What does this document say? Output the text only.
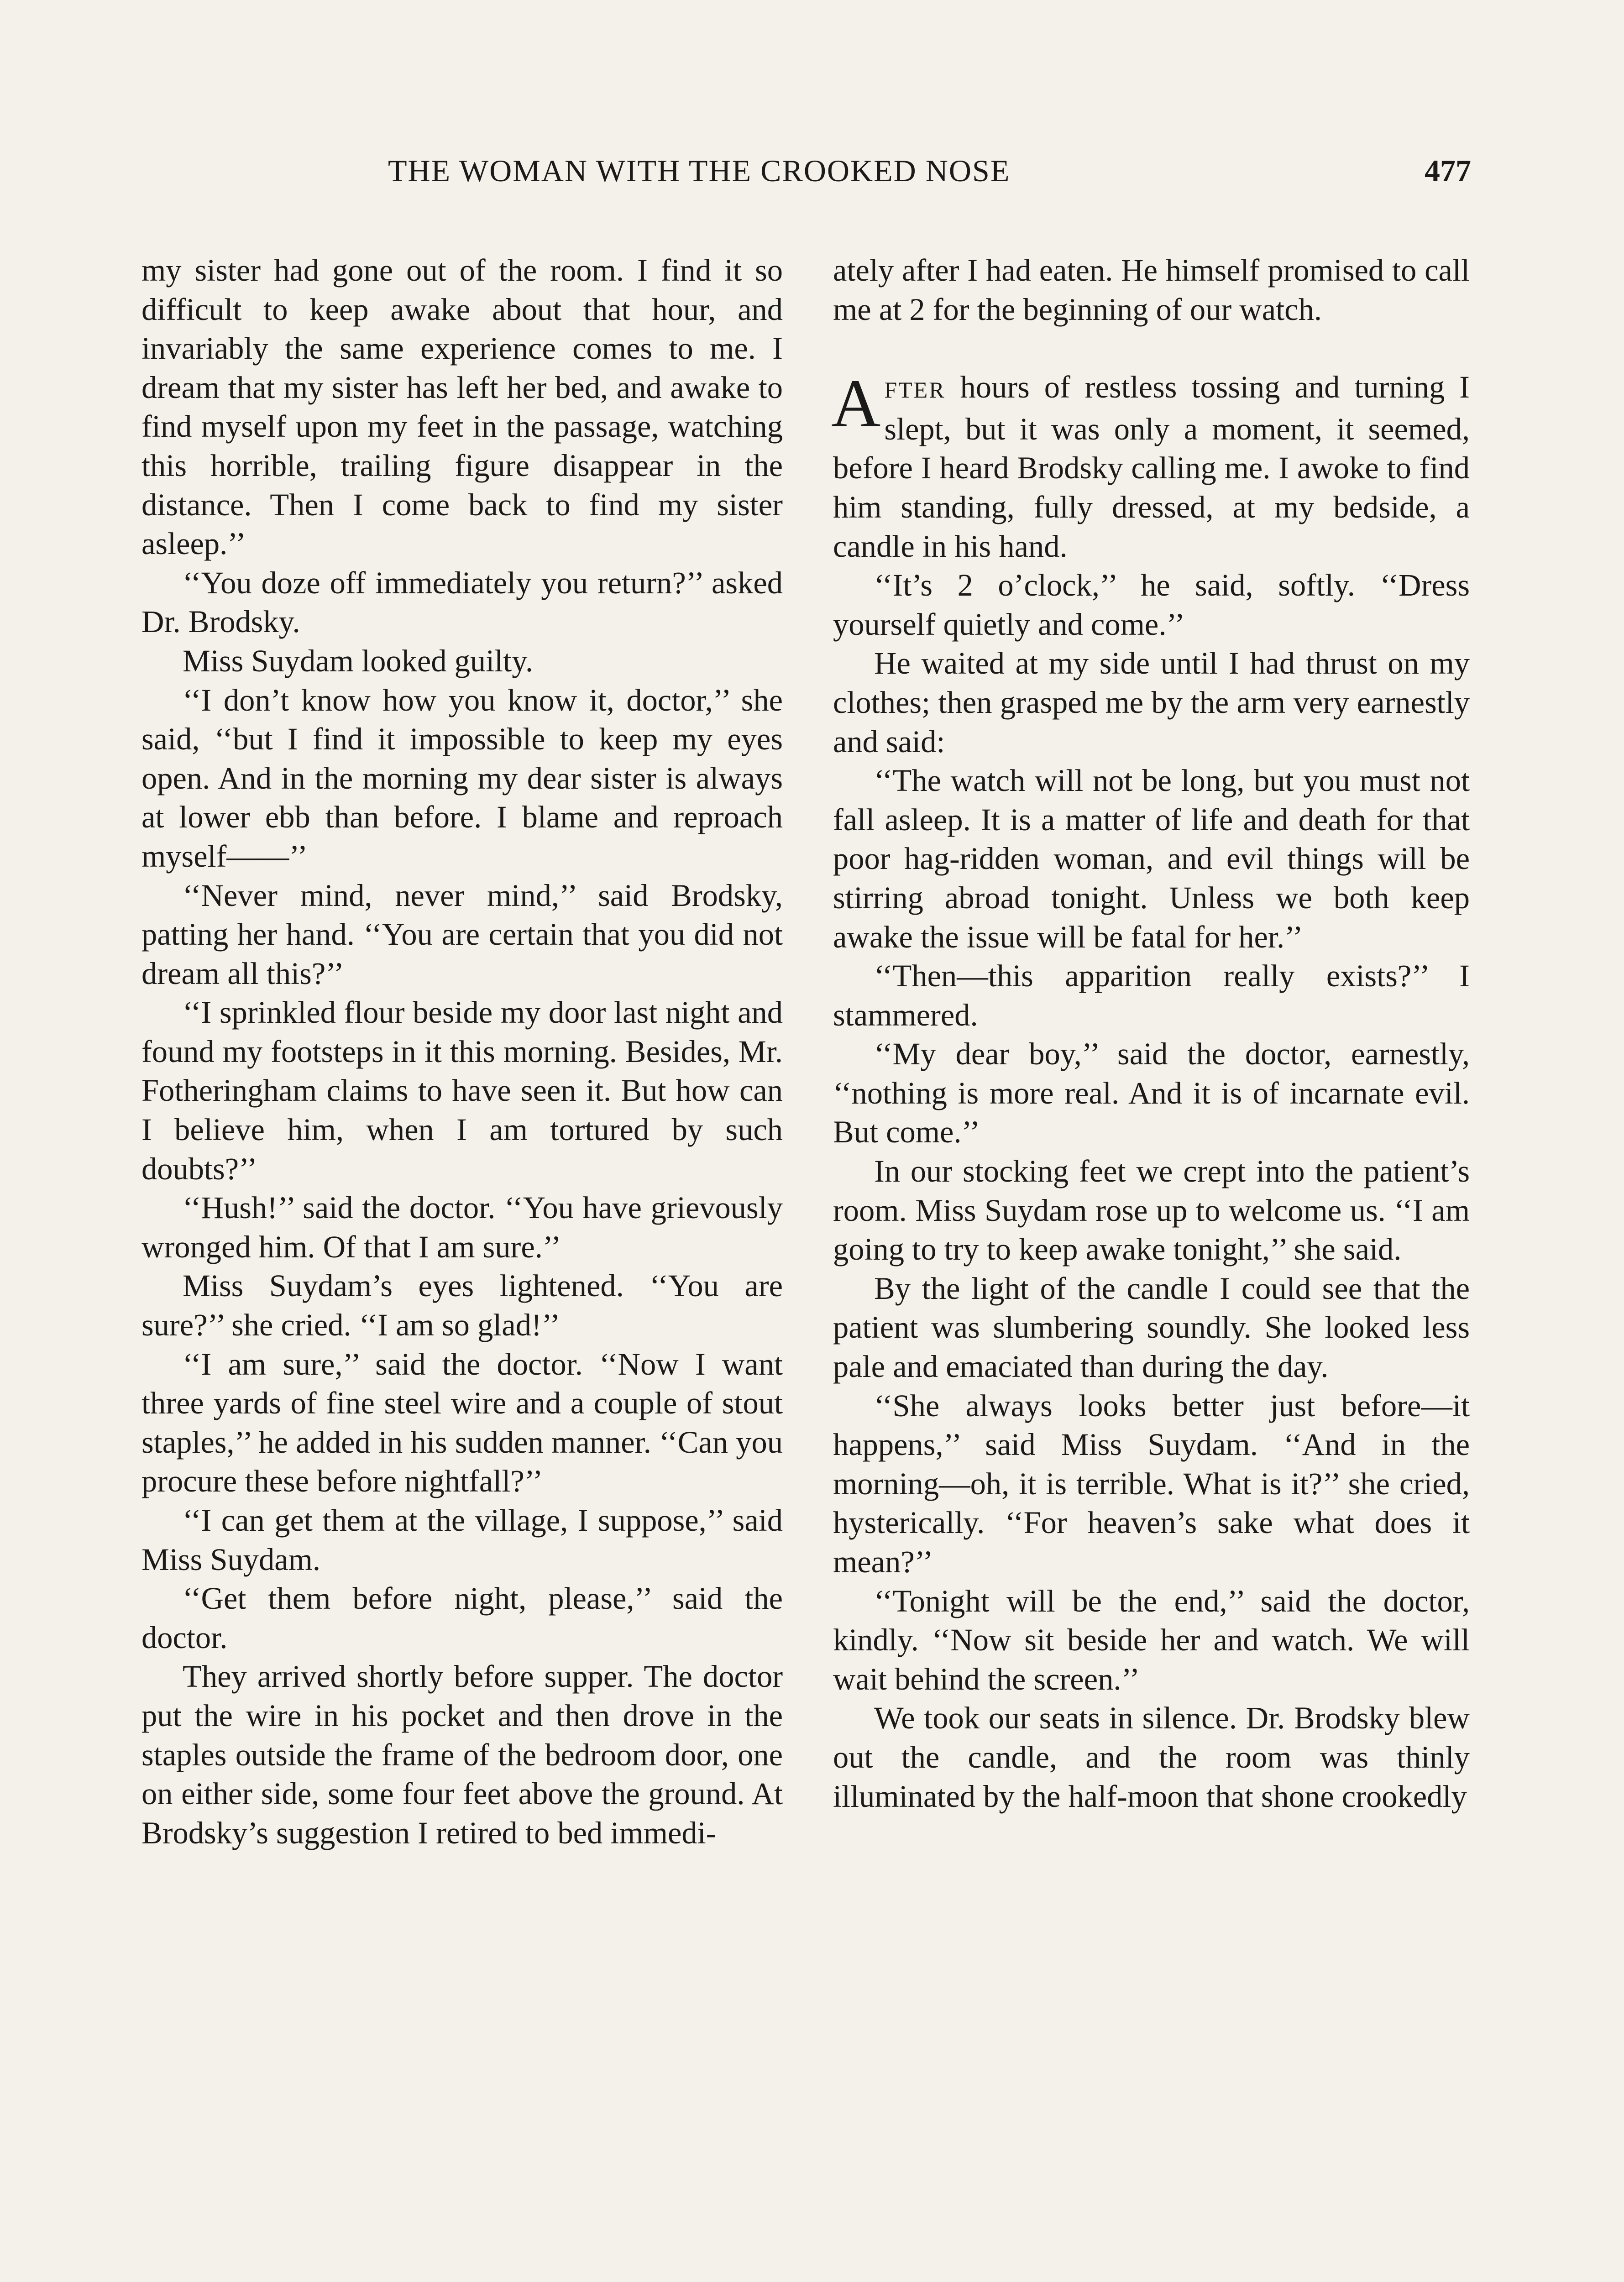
THE WOMAN WITH THE CROOKED NOSE	477

my sister had gone out of the room. I find it so difficult to keep awake about that hour, and invariably the same experience comes to me. I dream that my sister has left her bed, and awake to find myself upon my feet in the passage, watching this horrible, trailing figure disappear in the distance. Then I come back to find my sister asleep.’’

‘‘You doze off immediately you return?’’ asked Dr. Brodsky.

Miss Suydam looked guilty.

‘‘I don’t know how you know it, doctor,’’ she said, ‘‘but I find it impossible to keep my eyes open. And in the morning my dear sister is always at lower ebb than before. I blame and reproach myself——’’

‘‘Never mind, never mind,’’ said Brodsky, patting her hand. ‘‘You are certain that you did not dream all this?’’

‘‘I sprinkled flour beside my door last night and found my footsteps in it this morning. Besides, Mr. Fotheringham claims to have seen it. But how can I believe him, when I am tortured by such doubts?’’

‘‘Hush!’’ said the doctor. ‘‘You have grievously wronged him. Of that I am sure.’’

Miss Suydam’s eyes lightened. ‘‘You are sure?’’ she cried. ‘‘I am so glad!’’

‘‘I am sure,’’ said the doctor. ‘‘Now I want three yards of fine steel wire and a couple of stout staples,’’ he added in his sudden manner. ‘‘Can you procure these before nightfall?’’

‘‘I can get them at the village, I suppose,’’ said Miss Suydam.

‘‘Get them before night, please,’’ said the doctor.

They arrived shortly before supper. The doctor put the wire in his pocket and then drove in the staples outside the frame of the bedroom door, one on either side, some four feet above the ground. At Brodsky’s suggestion I retired to bed immedi-

ately after I had eaten. He himself promised to call me at 2 for the beginning of our watch.

AFTER hours of restless tossing and turning I slept, but it was only a moment, it seemed, before I heard Brodsky calling me. I awoke to find him standing, fully dressed, at my bedside, a candle in his hand.

‘‘It’s 2 o’clock,’’ he said, softly. ‘‘Dress yourself quietly and come.’’

He waited at my side until I had thrust on my clothes; then grasped me by the arm very earnestly and said:

‘‘The watch will not be long, but you must not fall asleep. It is a matter of life and death for that poor hag-ridden woman, and evil things will be stirring abroad tonight. Unless we both keep awake the issue will be fatal for her.’’

‘‘Then—this apparition really exists?’’ I stammered.

‘‘My dear boy,’’ said the doctor, earnestly, ‘‘nothing is more real. And it is of incarnate evil. But come.’’

In our stocking feet we crept into the patient’s room. Miss Suydam rose up to welcome us. ‘‘I am going to try to keep awake tonight,’’ she said.

By the light of the candle I could see that the patient was slumbering soundly. She looked less pale and emaciated than during the day.

‘‘She always looks better just before—it happens,’’ said Miss Suydam. ‘‘And in the morning—oh, it is terrible. What is it?’’ she cried, hysterically. ‘‘For heaven’s sake what does it mean?’’

‘‘Tonight will be the end,’’ said the doctor, kindly. ‘‘Now sit beside her and watch. We will wait behind the screen.’’

We took our seats in silence. Dr. Brodsky blew out the candle, and the room was thinly illuminated by the half-moon that shone crookedly
